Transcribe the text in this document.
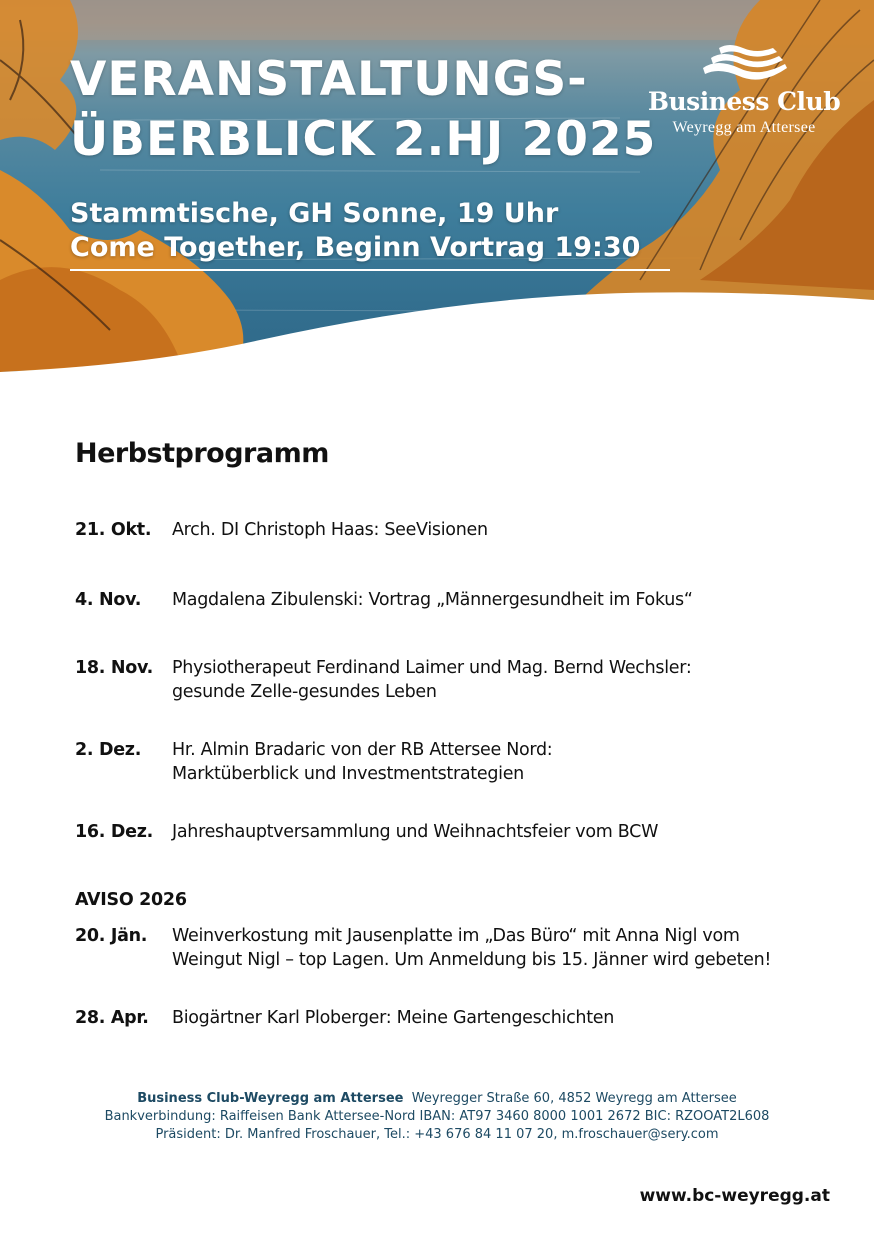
VERANSTALTUNGS-
ÜBERBLICK 2.HJ 2025
Stammtische, GH Sonne, 19 Uhr
Come Together, Beginn Vortrag 19:30
Business Club
Weyregg am Attersee
Herbstprogramm
21. Okt.	Arch. DI Christoph Haas: SeeVisionen
4. Nov.	Magdalena Zibulenski: Vortrag „Männergesundheit im Fokus“
18. Nov.	Physiotherapeut Ferdinand Laimer und Mag. Bernd Wechsler:
gesunde Zelle-gesundes Leben
2. Dez.	Hr. Almin Bradaric von der RB Attersee Nord:
Marktüberblick und Investmentstrategien
16. Dez.	Jahreshauptversammlung und Weihnachtsfeier vom BCW
AVISO 2026
20. Jän.	Weinverkostung mit Jausenplatte im „Das Büro“ mit Anna Nigl vom
Weingut Nigl – top Lagen. Um Anmeldung bis 15. Jänner wird gebeten!
28. Apr.	Biogärtner Karl Ploberger: Meine Gartengeschichten
Business Club-Weyregg am Attersee Weyregger Straße 60, 4852 Weyregg am Attersee
Bankverbindung: Raiffeisen Bank Attersee-Nord IBAN: AT97 3460 8000 1001 2672 BIC: RZOOAT2L608
Präsident: Dr. Manfred Froschauer, Tel.: +43 676 84 11 07 20, m.froschauer@sery.com
www.bc-weyregg.at
